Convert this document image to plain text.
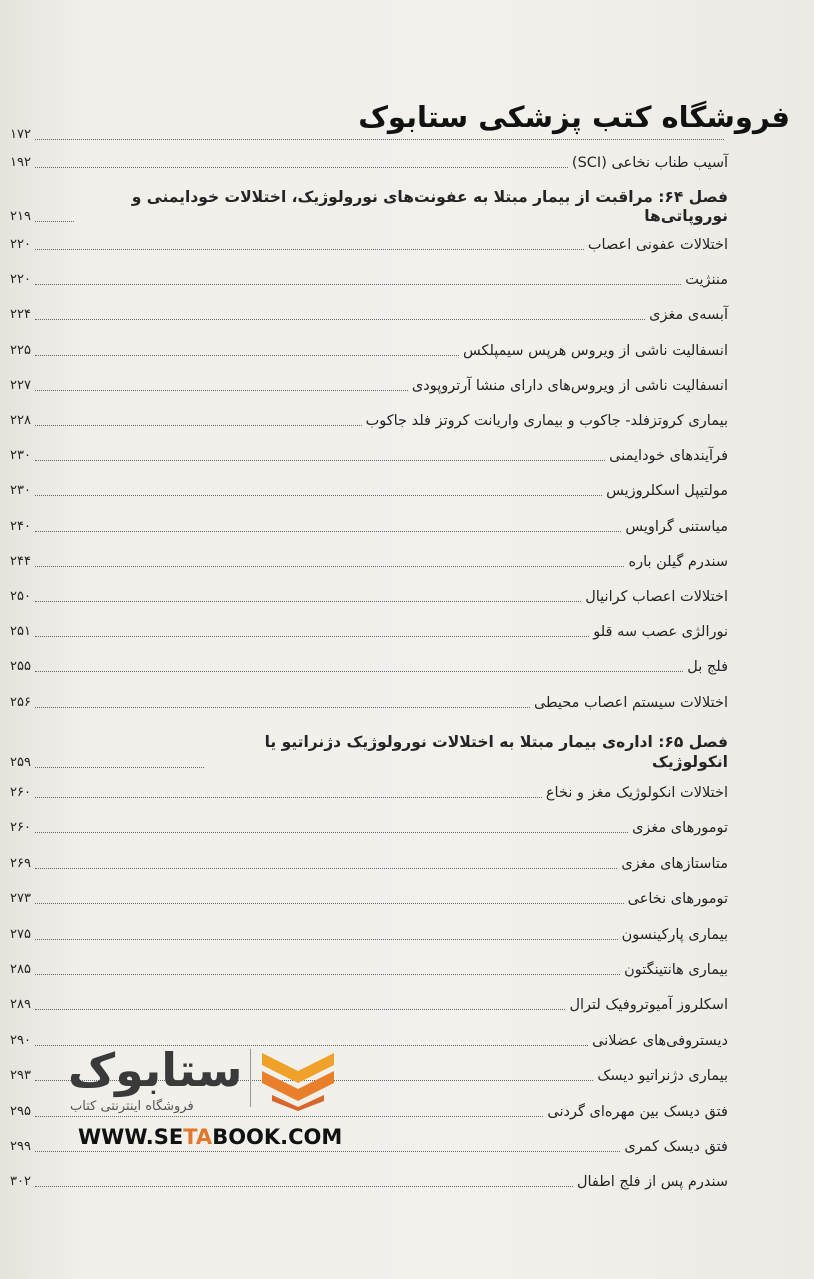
فروشگاه کتب پزشکی ستابوک
۱۷۲
آسیب طناب نخاعی (SCI)
۱۹۲
فصل ۶۴: مراقبت از بیمار مبتلا به عفونت‌های نورولوژیک، اختلالات خودایمنی و نوروپاتی‌ها
۲۱۹
اختلالات عفونی اعصاب
۲۲۰
مننژیت
۲۲۰
آبسه‌ی مغزی
۲۲۴
انسفالیت ناشی از ویروس هرپس سیمپلکس
۲۲۵
انسفالیت ناشی از ویروس‌های دارای منشا آرتروپودی
۲۲۷
بیماری کروتزفلد- جاکوب و بیماری واریانت کروتز فلد جاکوب
۲۲۸
فرآیندهای خودایمنی
۲۳۰
مولتیپل اسکلروزیس
۲۳۰
میاستنی گراویس
۲۴۰
سندرم گیلن باره
۲۴۴
اختلالات اعصاب کرانیال
۲۵۰
نورالژی عصب سه قلو
۲۵۱
فلج بل
۲۵۵
اختلالات سیستم اعصاب محیطی
۲۵۶
فصل ۶۵: اداره‌ی بیمار مبتلا به اختلالات نورولوژیک دژنراتیو یا انکولوژیک
۲۵۹
اختلالات انکولوژیک مغز و نخاع
۲۶۰
تومورهای مغزی
۲۶۰
متاستازهای مغزی
۲۶۹
تومورهای نخاعی
۲۷۳
بیماری پارکینسون
۲۷۵
بیماری هانتینگتون
۲۸۵
اسکلروز آمیوتروفیک لترال
۲۸۹
دیستروفی‌های عضلانی
۲۹۰
بیماری دژنراتیو دیسک
۲۹۳
فتق دیسک بین مهره‌ای گردنی
۲۹۵
فتق دیسک کمری
۲۹۹
سندرم پس از فلج اطفال
۳۰۲
ستابوک
فروشگاه اینترنتی کتاب
WWW.SETABOOK.COM
